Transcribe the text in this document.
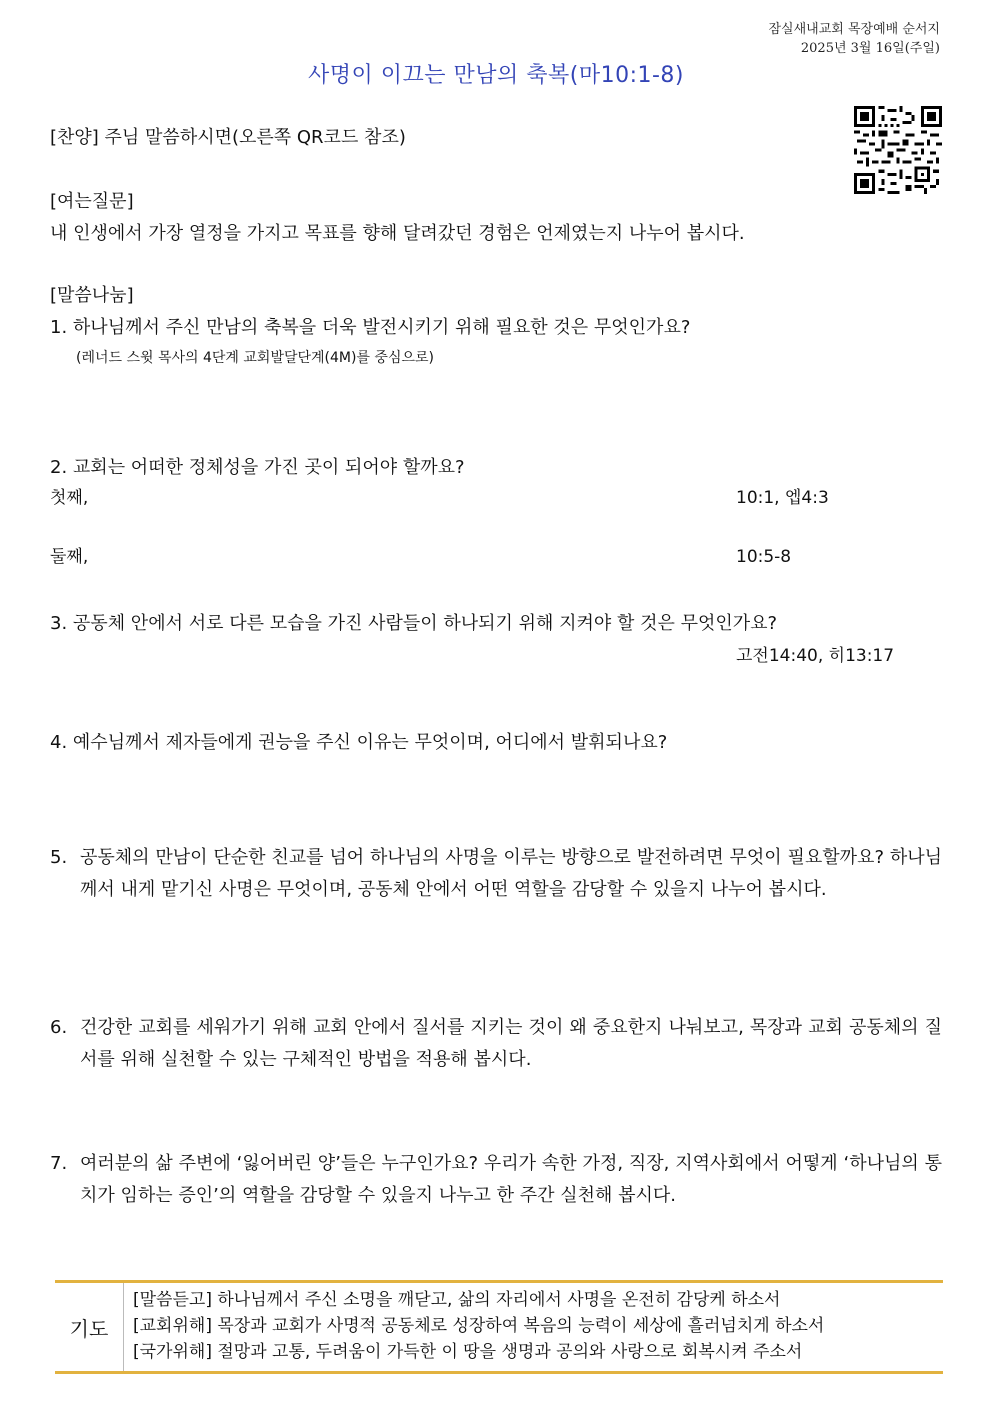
잠실새내교회 목장예배 순서지
2025년 3월 16일(주일)
사명이 이끄는 만남의 축복(마10:1-8)
[찬양] 주님 말씀하시면(오른쪽 QR코드 참조)
[여는질문]
내 인생에서 가장 열정을 가지고 목표를 향해 달려갔던 경험은 언제였는지 나누어 봅시다.
[말씀나눔]
1. 하나님께서 주신 만남의 축복을 더욱 발전시키기 위해 필요한 것은 무엇인가요?
(레너드 스윗 목사의 4단계 교회발달단계(4M)를 중심으로)
2. 교회는 어떠한 정체성을 가진 곳이 되어야 할까요?
첫째,	10:1, 엡4:3
둘째,	10:5-8
3. 공동체 안에서 서로 다른 모습을 가진 사람들이 하나되기 위해 지켜야 할 것은 무엇인가요?
고전14:40, 히13:17
4. 예수님께서 제자들에게 권능을 주신 이유는 무엇이며, 어디에서 발휘되나요?
5. 공동체의 만남이 단순한 친교를 넘어 하나님의 사명을 이루는 방향으로 발전하려면 무엇이 필요할까요? 하나님께서 내게 맡기신 사명은 무엇이며, 공동체 안에서 어떤 역할을 감당할 수 있을지 나누어 봅시다.
6. 건강한 교회를 세워가기 위해 교회 안에서 질서를 지키는 것이 왜 중요한지 나눠보고, 목장과 교회 공동체의 질서를 위해 실천할 수 있는 구체적인 방법을 적용해 봅시다.
7. 여러분의 삶 주변에 ‘잃어버린 양’들은 누구인가요? 우리가 속한 가정, 직장, 지역사회에서 어떻게 ‘하나님의 통치가 임하는 증인’의 역할을 감당할 수 있을지 나누고 한 주간 실천해 봅시다.
기도
[말씀듣고] 하나님께서 주신 소명을 깨닫고, 삶의 자리에서 사명을 온전히 감당케 하소서
[교회위해] 목장과 교회가 사명적 공동체로 성장하여 복음의 능력이 세상에 흘러넘치게 하소서
[국가위해] 절망과 고통, 두려움이 가득한 이 땅을 생명과 공의와 사랑으로 회복시켜 주소서
